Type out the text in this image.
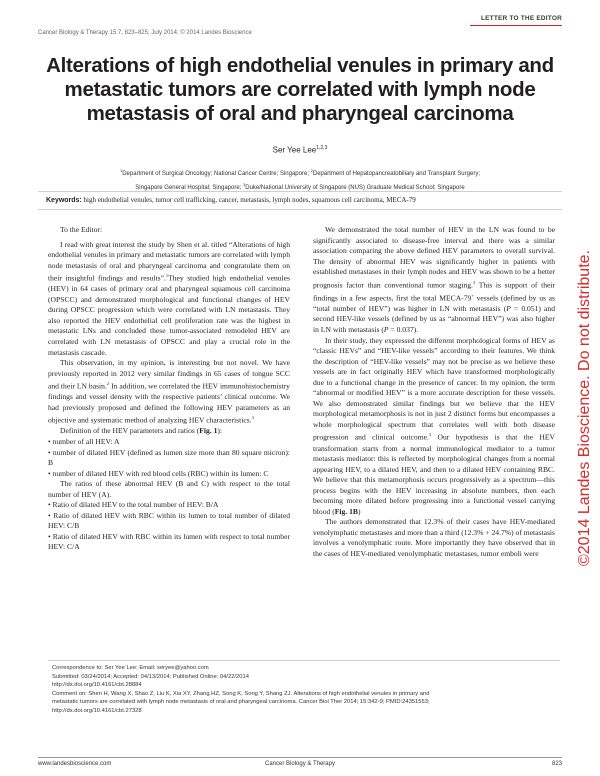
LETTER TO THE EDITOR
Cancer Biology & Therapy 15:7, 823–825; July 2014; © 2014 Landes Bioscience
Alterations of high endothelial venules in primary and metastatic tumors are correlated with lymph node metastasis of oral and pharyngeal carcinoma
Ser Yee Lee$^{1,2,3}$
$^1$Department of Surgical Oncology; National Cancer Centre; Singapore; $^2$Department of Hepatopancreatobiliary and Transplant Surgery;
Singapore General Hospital; Singapore; $^3$Duke/National University of Singapore (NUS) Graduate Medical School; Singapore
Keywords: high endothelial venules, tumor cell trafficking, cancer, metastasis, lymph nodes, squamous cell carcinoma, MECA-79

To the Editor:

I read with great interest the study by Shen et al. titled “Alterations of high endothelial venules in primary and metastatic tumors are correlated with lymph node metastasis of oral and pharyngeal carcinoma and congratulate them on their insightful findings and results”.$^1$They studied high endothelial venules (HEV) in 64 cases of primary oral and pharyngeal squamous cell carcinoma (OPSCC) and demonstrated morphological and functional changes of HEV during OPSCC progression which were correlated with LN metastasis. They also reported the HEV endothelial cell proliferation rate was the highest in metastatic LNs and concluded these tumor-associated remodeled HEV are correlated with LN metastasis of OPSCC and play a crucial role in the metastasis cascade.

This observation, in my opinion, is interesting but not novel. We have previously reported in 2012 very similar findings in 65 cases of tongue SCC and their LN basin.$^2$ In addition, we correlated the HEV immunohistochemistry findings and vessel density with the respective patients’ clinical outcome. We had previously proposed and defined the following HEV parameters as an objective and systematic method of analyzing HEV characteristics.$^3$

Definition of the HEV parameters and ratios (Fig. 1):

• number of all HEV: A

• number of dilated HEV (defined as lumen size more than 80 square micron): B

• number of dilated HEV with red blood cells (RBC) within its lumen: C

The ratios of these abnormal HEV (B and C) with respect to the total number of HEV (A).

• Ratio of dilated HEV to the total number of HEV: B/A

• Ratio of dilated HEV with RBC within its lumen to total number of dilated HEV: C/B

• Ratio of dilated HEV with RBC within its lumen with respect to total number HEV: C/A

We demonstrated the total number of HEV in the LN was found to be significantly associated to disease-free interval and there was a similar association comparing the above defined HEV parameters to overall survival. The density of abnormal HEV was significantly higher in patients with established metastases in their lymph nodes and HEV was shown to be a better prognosis factor than conventional tumor staging.$^3$ This is support of their findings in a few aspects, first the total MECA-79+ vessels (defined by us as “total number of HEV”) was higher in LN with metastasis (P = 0.051) and second HEV-like vessels (defined by us as “abnormal HEV”) was also higher in LN with metastasis (P = 0.037).

In their study, they expressed the different morphological forms of HEV as “classic HEVs” and “HEV-like vessels” according to their features. We think the description of “HEV-like vessels” may not be precise as we believe these vessels are in fact originally HEV which have transformed morphologically due to a functional change in the presence of cancer. In my opinion, the term “abnormal or modified HEV” is a more accurate description for these vessels. We also demonstrated similar findings but we believe that the HEV morphological metamorphosis is not in just 2 distinct forms but encompasses a whole morphological spectrum that correlates well with both disease progression and clinical outcome.$^3$ Our hypothesis is that the HEV transformation starts from a normal immunological mediator to a tumor metastasis mediator: this is reflected by morphological changes from a normal appearing HEV, to a dilated HEV, and then to a dilated HEV containing RBC. We believe that this metamorphosis occurs progressively as a spectrum—this process begins with the HEV increasing in absolute numbers, then each becoming more dilated before progressing into a functional vessel carrying blood (Fig. 1B)

The authors demonstrated that 12.3% of their cases have HEV-mediated venolymphatic metastases and more than a third (12.3% + 24.7%) of metastasis involves a venolymphatic route. More importantly they have observed that in the cases of HEV-mediated venolymphatic metastases, tumor emboli were

Correspondence to: Ser Yee Lee; Email: seryee@yahoo.com
Submitted: 03/24/2014; Accepted: 04/13/2014; Published Online: 04/22/2014
http://dx.doi.org/10.4161/cbt.28884
Comment on: Shen H, Wang X, Shao Z, Liu K, Xia XY, Zhang HZ, Song K, Song Y, Shang ZJ. Alterations of high endothelial venules in primary and
metastatic tumors are correlated with lymph node metastasis of oral and pharyngeal carcinoma. Cancer Biol Ther 2014; 15:342-9; PMID:24351553;
http://dx.doi.org/10.4161/cbt.27328
www.landesbioscience.com	Cancer Biology & Therapy	823
©2014 Landes Bioscience. Do not distribute.
